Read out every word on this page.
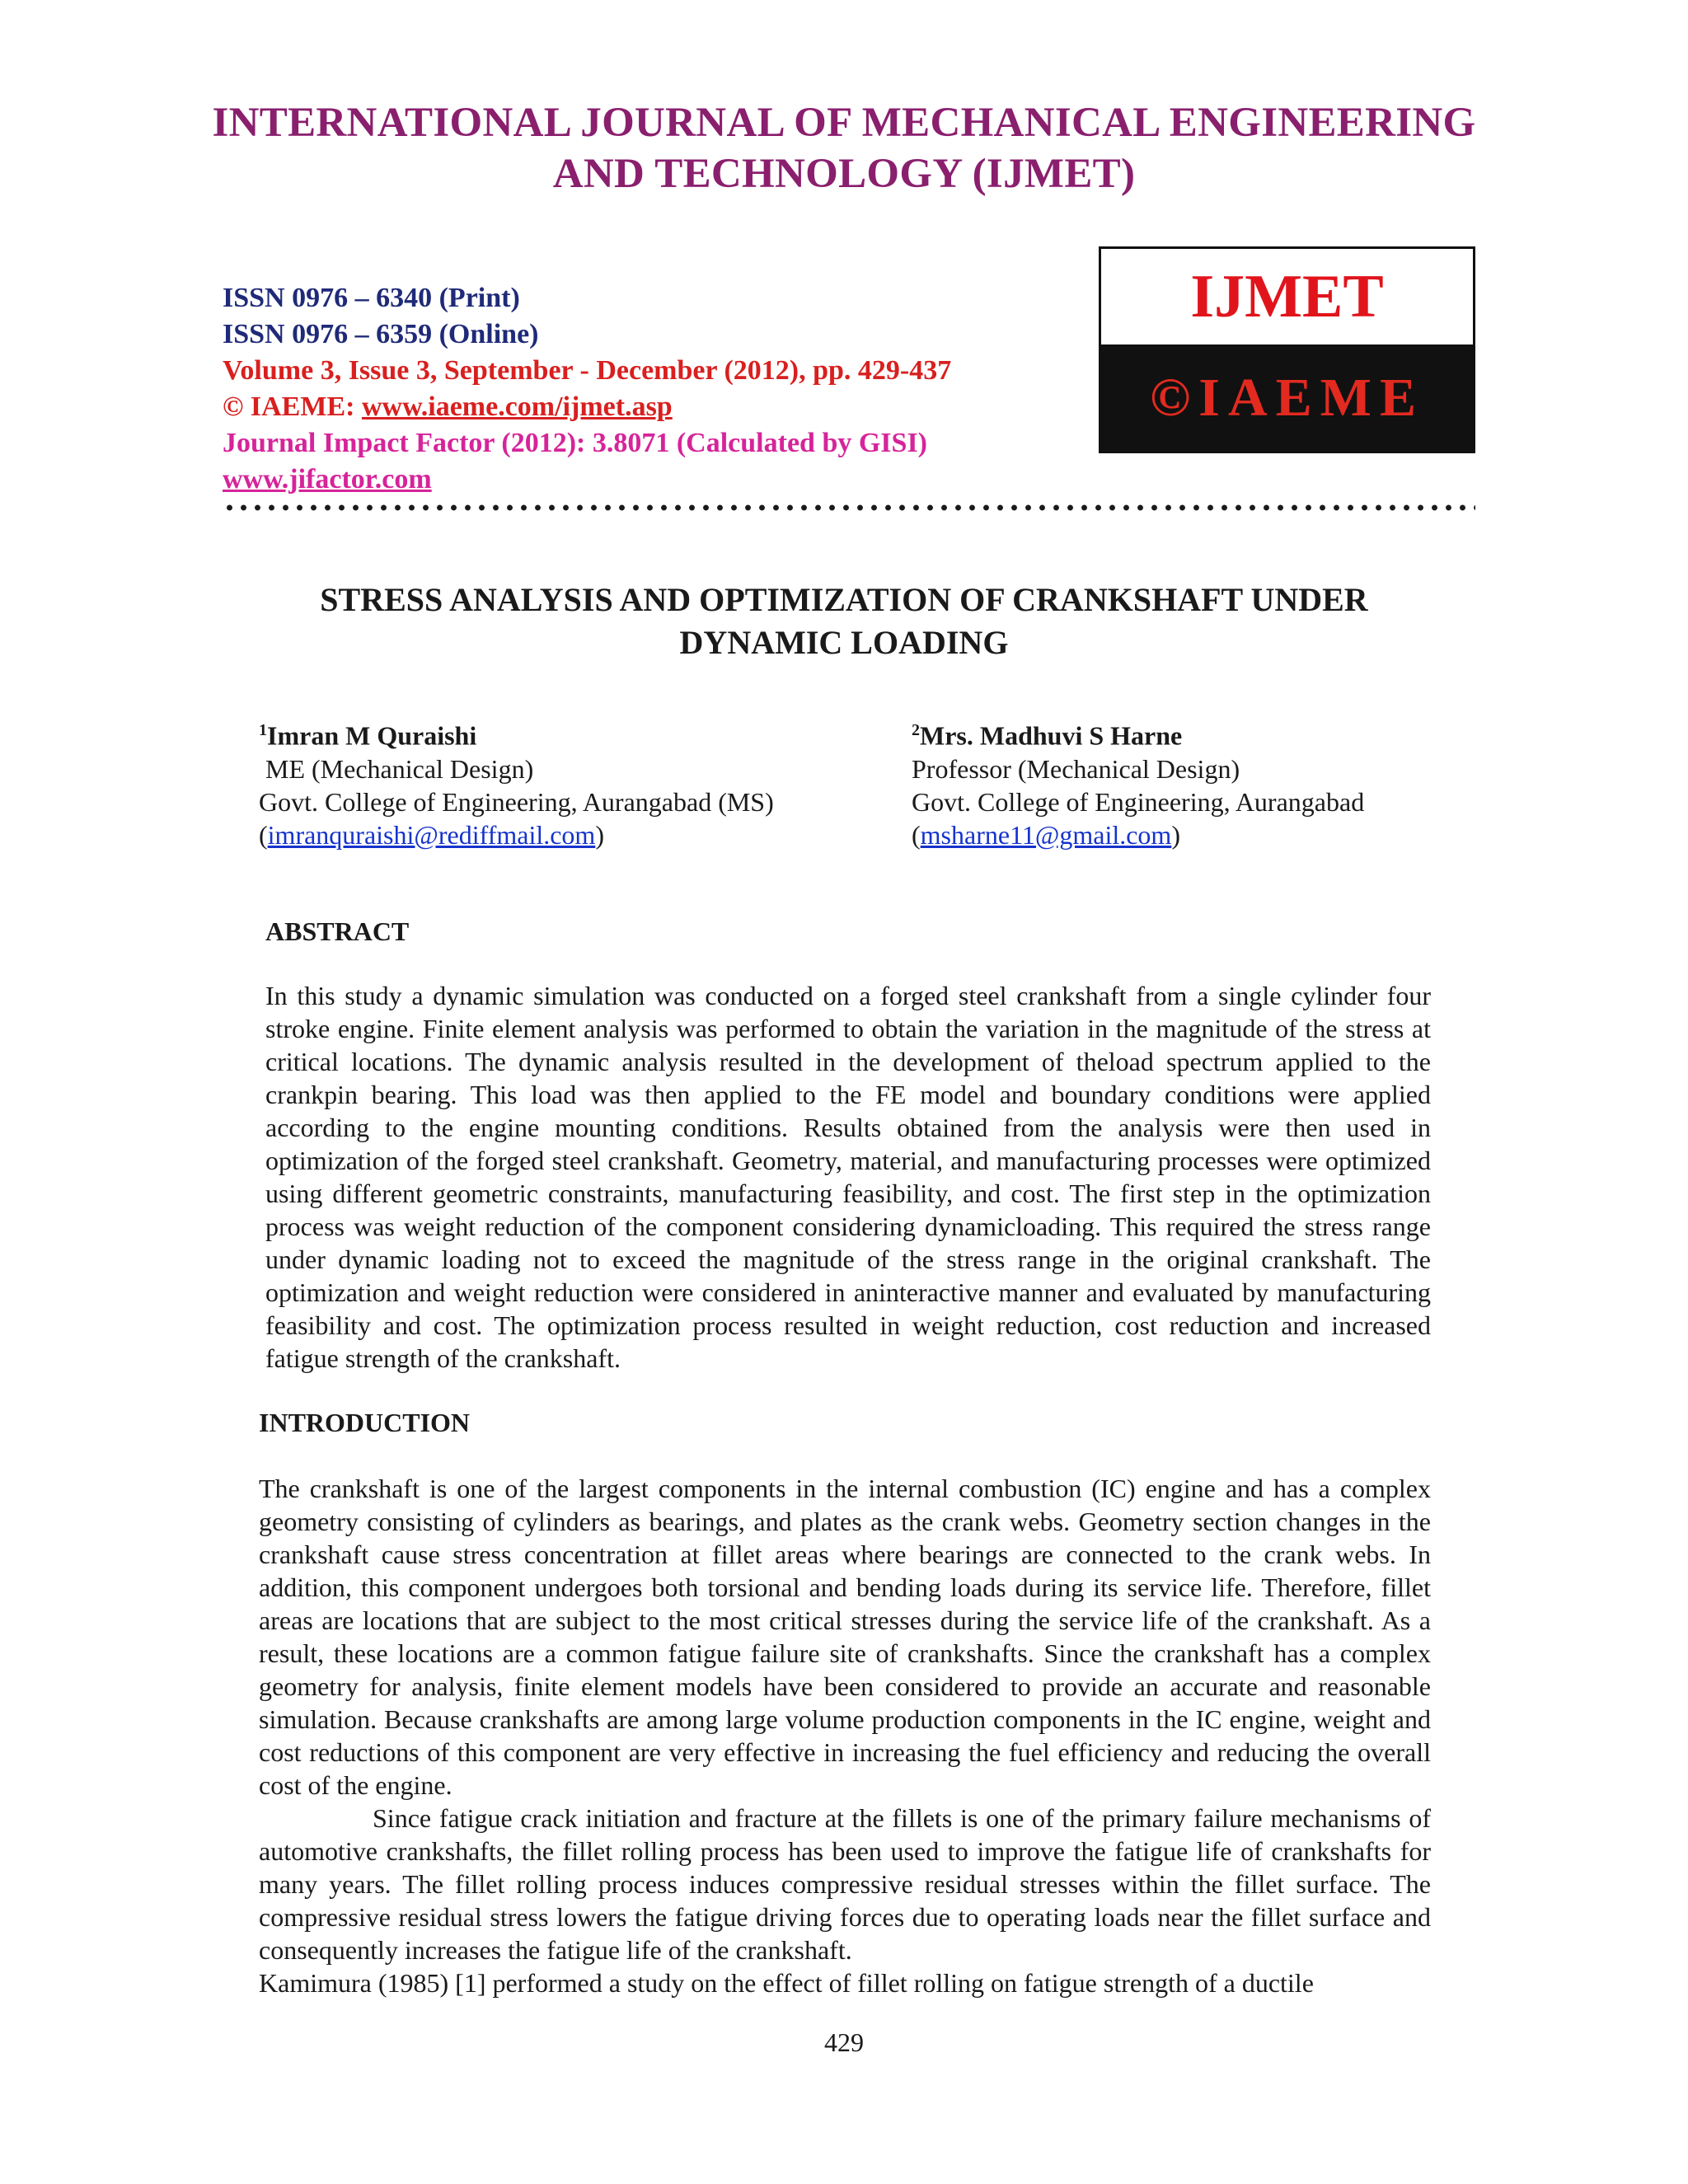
INTERNATIONAL JOURNAL OF MECHANICAL ENGINEERING
AND TECHNOLOGY (IJMET)
ISSN 0976 – 6340 (Print)
ISSN 0976 – 6359 (Online)
Volume 3, Issue 3, September - December (2012), pp. 429-437
© IAEME: www.iaeme.com/ijmet.asp
Journal Impact Factor (2012): 3.8071 (Calculated by GISI)
www.jifactor.com
IJMET
©IAEME
STRESS ANALYSIS AND OPTIMIZATION OF CRANKSHAFT UNDER
DYNAMIC LOADING
$^1$Imran M Quraishi
ME (Mechanical Design)
Govt. College of Engineering, Aurangabad (MS)
(imranquraishi@rediffmail.com)
$^2$Mrs. Madhuvi S Harne
Professor (Mechanical Design)
Govt. College of Engineering, Aurangabad
(msharne11@gmail.com)
ABSTRACT
In this study a dynamic simulation was conducted on a forged steel crankshaft from a single cylinder four stroke engine. Finite element analysis was performed to obtain the variation in the magnitude of the stress at critical locations. The dynamic analysis resulted in the development of theload spectrum applied to the crankpin bearing. This load was then applied to the FE model and boundary conditions were applied according to the engine mounting conditions. Results obtained from the analysis were then used in optimization of the forged steel crankshaft. Geometry, material, and manufacturing processes were optimized using different geometric constraints, manufacturing feasibility, and cost. The first step in the optimization process was weight reduction of the component considering dynamicloading. This required the stress range under dynamic loading not to exceed the magnitude of the stress range in the original crankshaft. The optimization and weight reduction were considered in aninteractive manner and evaluated by manufacturing feasibility and cost. The optimization process resulted in weight reduction, cost reduction and increased fatigue strength of the crankshaft.
INTRODUCTION

The crankshaft is one of the largest components in the internal combustion (IC) engine and has a complex geometry consisting of cylinders as bearings, and plates as the crank webs. Geometry section changes in the crankshaft cause stress concentration at fillet areas where bearings are connected to the crank webs. In addition, this component undergoes both torsional and bending loads during its service life. Therefore, fillet areas are locations that are subject to the most critical stresses during the service life of the crankshaft. As a result, these locations are a common fatigue failure site of crankshafts. Since the crankshaft has a complex geometry for analysis, finite element models have been considered to provide an accurate and reasonable simulation. Because crankshafts are among large volume production components in the IC engine, weight and cost reductions of this component are very effective in increasing the fuel efficiency and reducing the overall cost of the engine.

Since fatigue crack initiation and fracture at the fillets is one of the primary failure mechanisms of automotive crankshafts, the fillet rolling process has been used to improve the fatigue life of crankshafts for many years. The fillet rolling process induces compressive residual stresses within the fillet surface. The compressive residual stress lowers the fatigue driving forces due to operating loads near the fillet surface and consequently increases the fatigue life of the crankshaft.

Kamimura (1985) [1] performed a study on the effect of fillet rolling on fatigue strength of a ductile

429
